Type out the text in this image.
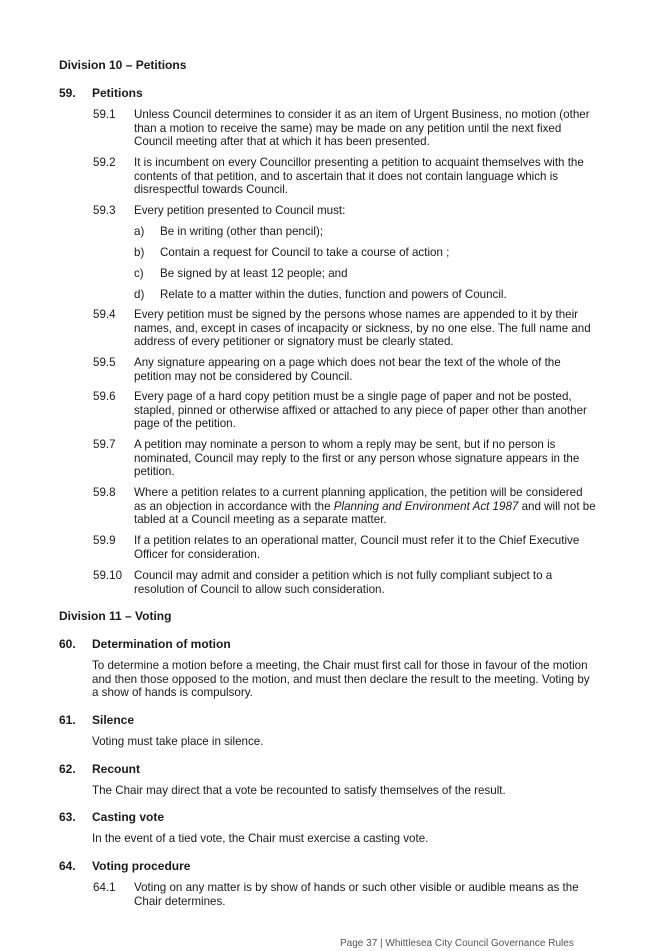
Division 10 – Petitions
59. Petitions
59.1 Unless Council determines to consider it as an item of Urgent Business, no motion (other than a motion to receive the same) may be made on any petition until the next fixed Council meeting after that at which it has been presented.
59.2 It is incumbent on every Councillor presenting a petition to acquaint themselves with the contents of that petition, and to ascertain that it does not contain language which is disrespectful towards Council.
59.3 Every petition presented to Council must:
a) Be in writing (other than pencil);
b) Contain a request for Council to take a course of action ;
c) Be signed by at least 12 people; and
d) Relate to a matter within the duties, function and powers of Council.
59.4 Every petition must be signed by the persons whose names are appended to it by their names, and, except in cases of incapacity or sickness, by no one else. The full name and address of every petitioner or signatory must be clearly stated.
59.5 Any signature appearing on a page which does not bear the text of the whole of the petition may not be considered by Council.
59.6 Every page of a hard copy petition must be a single page of paper and not be posted, stapled, pinned or otherwise affixed or attached to any piece of paper other than another page of the petition.
59.7 A petition may nominate a person to whom a reply may be sent, but if no person is nominated, Council may reply to the first or any person whose signature appears in the petition.
59.8 Where a petition relates to a current planning application, the petition will be considered as an objection in accordance with the Planning and Environment Act 1987 and will not be tabled at a Council meeting as a separate matter.
59.9 If a petition relates to an operational matter, Council must refer it to the Chief Executive Officer for consideration.
59.10 Council may admit and consider a petition which is not fully compliant subject to a resolution of Council to allow such consideration.
Division 11 – Voting
60. Determination of motion
To determine a motion before a meeting, the Chair must first call for those in favour of the motion and then those opposed to the motion, and must then declare the result to the meeting. Voting by a show of hands is compulsory.
61. Silence
Voting must take place in silence.
62. Recount
The Chair may direct that a vote be recounted to satisfy themselves of the result.
63. Casting vote
In the event of a tied vote, the Chair must exercise a casting vote.
64. Voting procedure
64.1 Voting on any matter is by show of hands or such other visible or audible means as the Chair determines.
Page 37 | Whittlesea City Council Governance Rules
